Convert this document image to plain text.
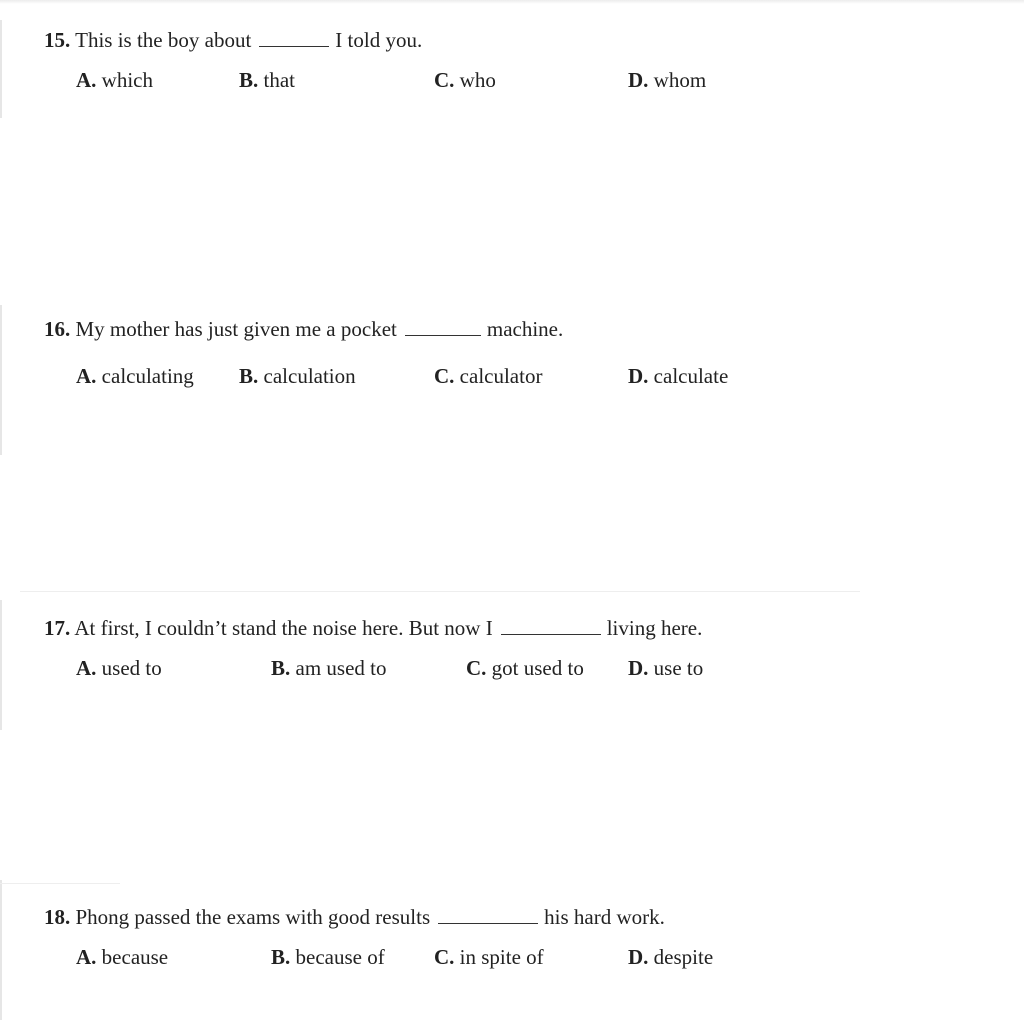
15. This is the boy about	I told you.
A. which	B. that	C. who	D. whom
16. My mother has just given me a pocket	machine.
A. calculating B. calculation	C. calculator	D. calculate
17. At first, I couldn’t stand the noise here. But now I	living here.
A. used to	B. am used to	C. got used to D. use to
18. Phong passed the exams with good results	his hard work.
A. because	B. because of C. in spite of	D. despite
